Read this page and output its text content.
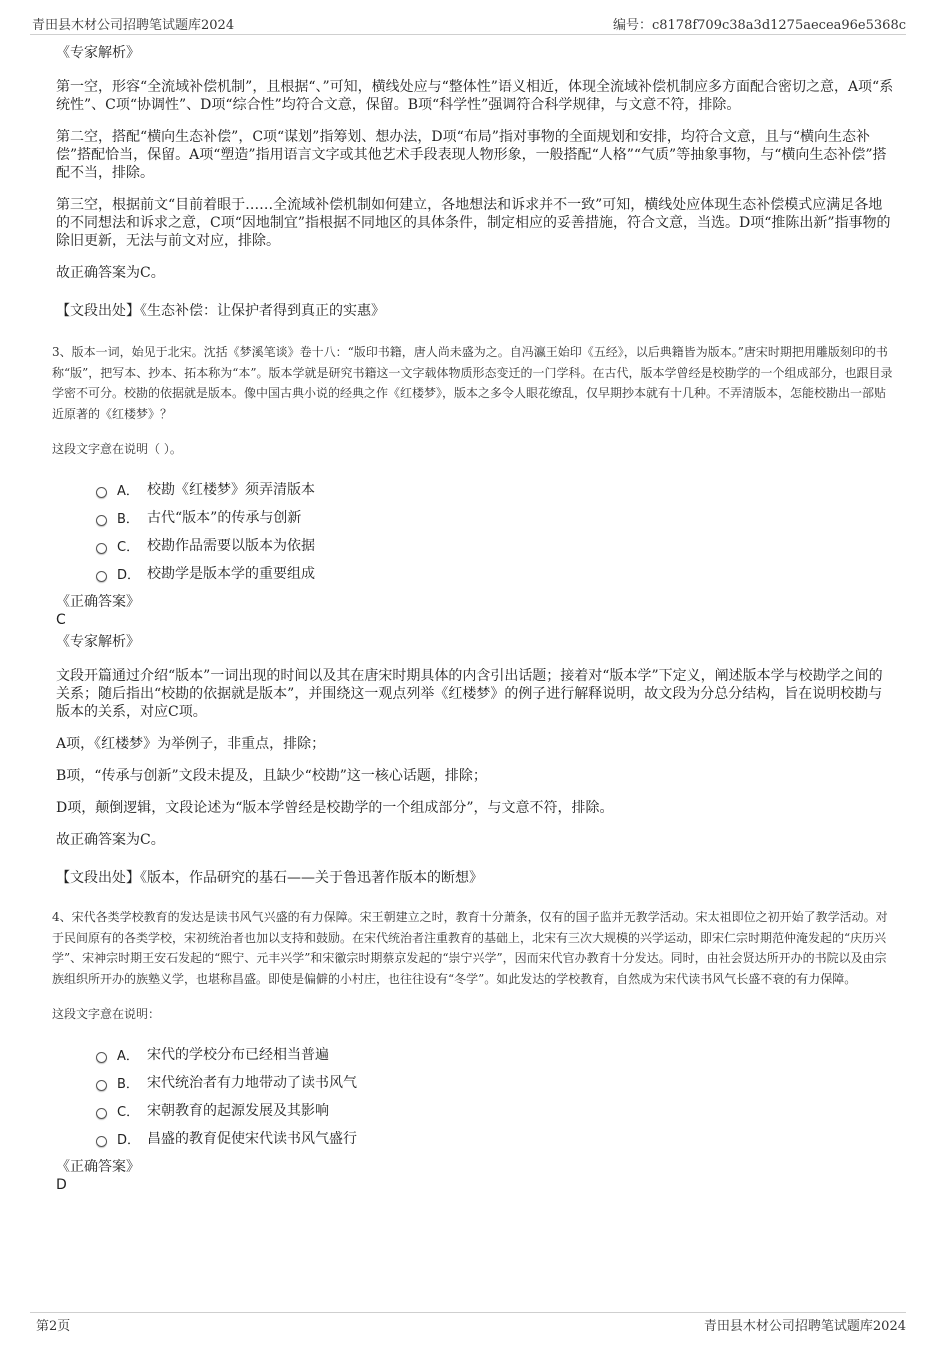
青田县木材公司招聘笔试题库2024	编号：c8178f709c38a3d1275aecea96e5368c
《专家解析》

第一空，形容“全流域补偿机制”，且根据“、”可知，横线处应与“整体性”语义相近，体现全流域补偿机制应多方面配合密切之意，A项“系统性”、C项“协调性”、D项“综合性”均符合文意，保留。B项“科学性”强调符合科学规律，与文意不符，排除。

第二空，搭配“横向生态补偿”，C项“谋划”指筹划、想办法，D项“布局”指对事物的全面规划和安排，均符合文意，且与“横向生态补偿”搭配恰当，保留。A项“塑造”指用语言文字或其他艺术手段表现人物形象，一般搭配“人格”“气质”等抽象事物，与“横向生态补偿”搭配不当，排除。

第三空，根据前文“目前着眼于……全流域补偿机制如何建立，各地想法和诉求并不一致”可知，横线处应体现生态补偿模式应满足各地的不同想法和诉求之意，C项“因地制宜”指根据不同地区的具体条件，制定相应的妥善措施，符合文意，当选。D项“推陈出新”指事物的除旧更新，无法与前文对应，排除。

故正确答案为C。

【文段出处】《生态补偿：让保护者得到真正的实惠》

3、版本一词，始见于北宋。沈括《梦溪笔谈》卷十八：“版印书籍，唐人尚未盛为之。自冯瀛王始印《五经》，以后典籍皆为版本。”唐宋时期把用雕版刻印的书称“版”，把写本、抄本、拓本称为“本”。版本学就是研究书籍这一文字载体物质形态变迁的一门学科。在古代，版本学曾经是校勘学的一个组成部分，也跟目录学密不可分。校勘的依据就是版本。像中国古典小说的经典之作《红楼梦》，版本之多令人眼花缭乱，仅早期抄本就有十几种。不弄清版本，怎能校勘出一部贴近原著的《红楼梦》？

这段文字意在说明（ ）。

A． 校勘《红楼梦》须弄清版本
B． 古代“版本”的传承与创新
C． 校勘作品需要以版本为依据
D． 校勘学是版本学的重要组成
《正确答案》

C

《专家解析》

文段开篇通过介绍“版本”一词出现的时间以及其在唐宋时期具体的内含引出话题；接着对“版本学”下定义，阐述版本学与校勘学之间的关系；随后指出“校勘的依据就是版本”，并围绕这一观点列举《红楼梦》的例子进行解释说明，故文段为分总分结构，旨在说明校勘与版本的关系，对应C项。

A项，《红楼梦》为举例子，非重点，排除；

B项，“传承与创新”文段未提及，且缺少“校勘”这一核心话题，排除；

D项，颠倒逻辑，文段论述为“版本学曾经是校勘学的一个组成部分”，与文意不符，排除。

故正确答案为C。

【文段出处】《版本，作品研究的基石——关于鲁迅著作版本的断想》

4、宋代各类学校教育的发达是读书风气兴盛的有力保障。宋王朝建立之时，教育十分萧条，仅有的国子监并无教学活动。宋太祖即位之初开始了教学活动。对于民间原有的各类学校，宋初统治者也加以支持和鼓励。在宋代统治者注重教育的基础上，北宋有三次大规模的兴学运动，即宋仁宗时期范仲淹发起的“庆历兴学”、宋神宗时期王安石发起的“熙宁、元丰兴学”和宋徽宗时期蔡京发起的“崇宁兴学”，因而宋代官办教育十分发达。同时，由社会贤达所开办的书院以及由宗族组织所开办的族塾义学，也堪称昌盛。即使是偏僻的小村庄，也往往设有“冬学”。如此发达的学校教育，自然成为宋代读书风气长盛不衰的有力保障。

这段文字意在说明：

A． 宋代的学校分布已经相当普遍
B． 宋代统治者有力地带动了读书风气
C． 宋朝教育的起源发展及其影响
D． 昌盛的教育促使宋代读书风气盛行
《正确答案》

D

第2页	青田县木材公司招聘笔试题库2024
